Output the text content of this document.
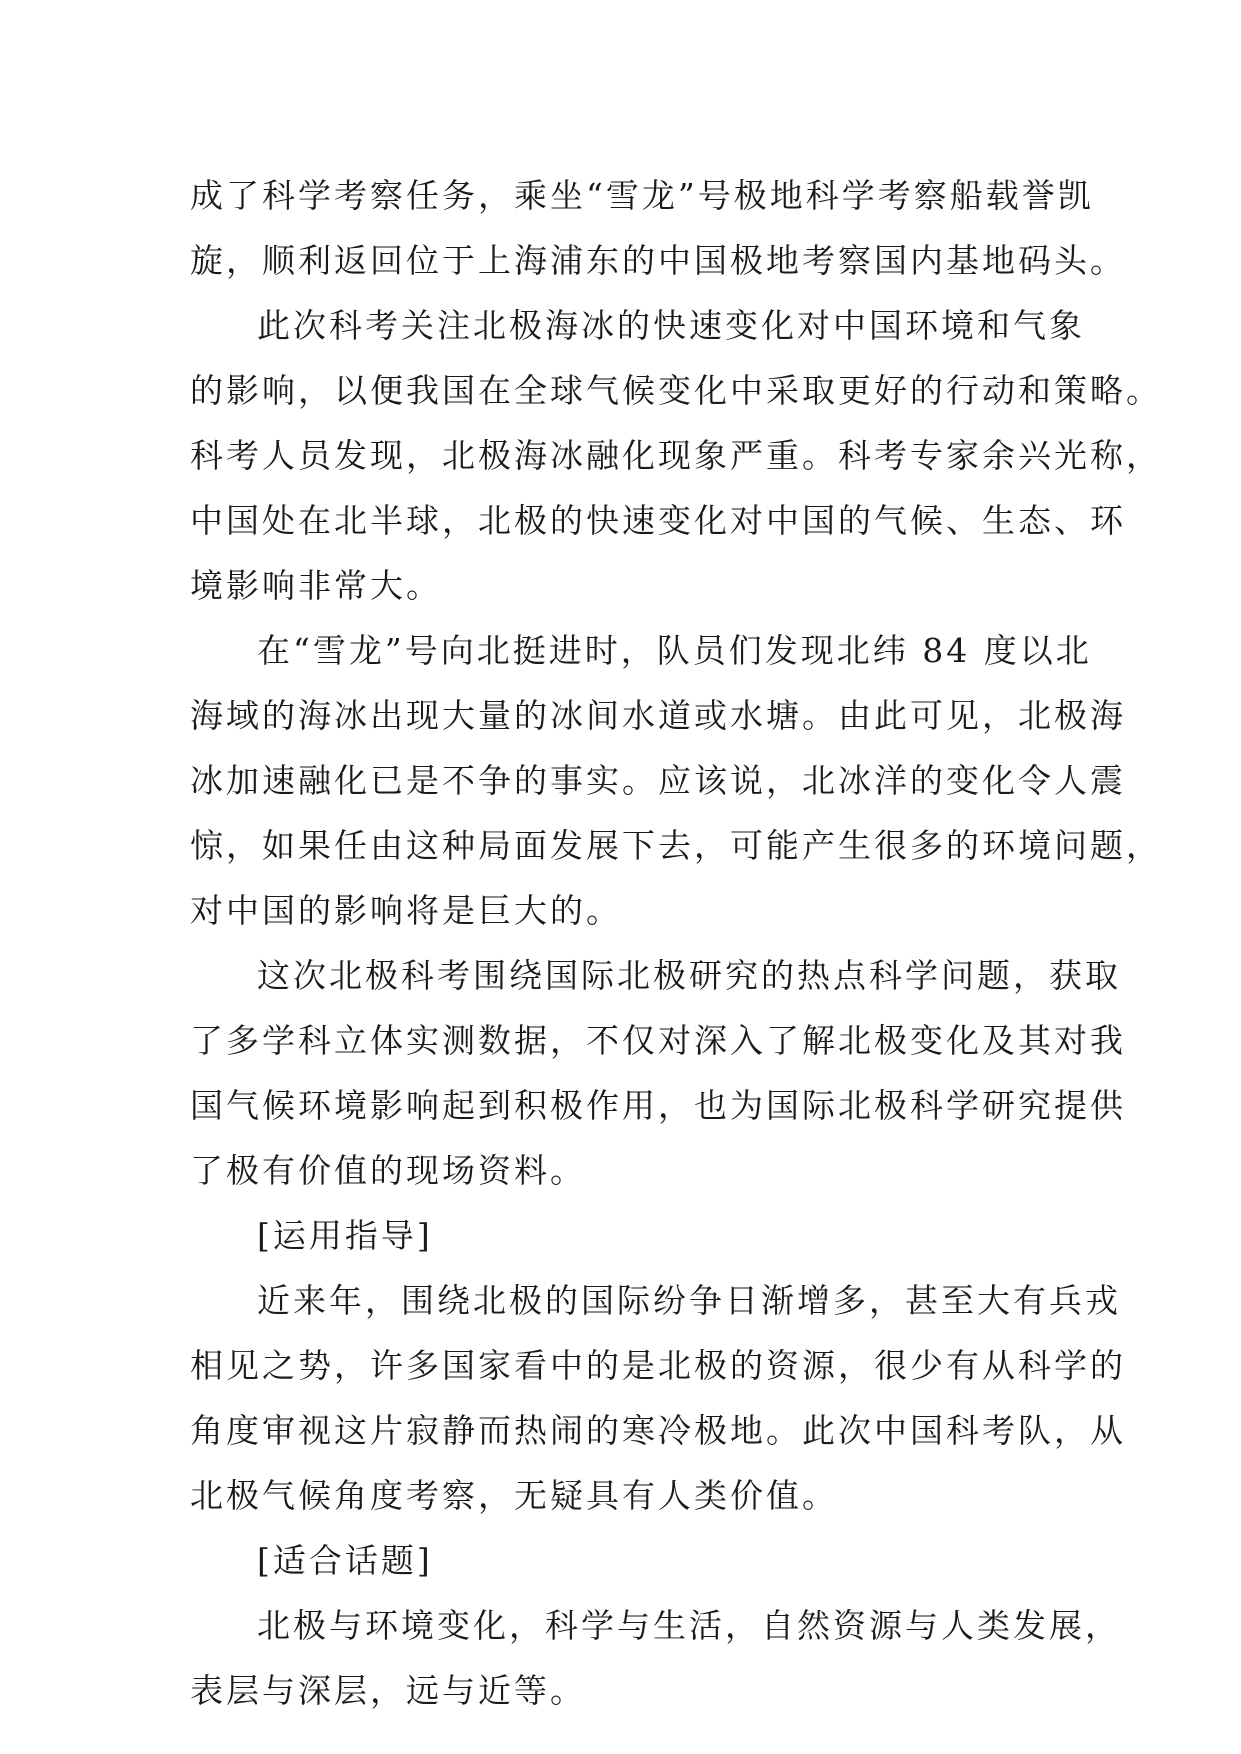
成了科学考察任务，乘坐“雪龙”号极地科学考察船载誉凯
旋，顺利返回位于上海浦东的中国极地考察国内基地码头。
此次科考关注北极海冰的快速变化对中国环境和气象
的影响，以便我国在全球气候变化中采取更好的行动和策略。
科考人员发现，北极海冰融化现象严重。科考专家余兴光称，
中国处在北半球，北极的快速变化对中国的气候、生态、环
境影响非常大。
在“雪龙”号向北挺进时，队员们发现北纬 84 度以北
海域的海冰出现大量的冰间水道或水塘。由此可见，北极海
冰加速融化已是不争的事实。应该说，北冰洋的变化令人震
惊，如果任由这种局面发展下去，可能产生很多的环境问题，
对中国的影响将是巨大的。
这次北极科考围绕国际北极研究的热点科学问题，获取
了多学科立体实测数据，不仅对深入了解北极变化及其对我
国气候环境影响起到积极作用，也为国际北极科学研究提供
了极有价值的现场资料。
[运用指导]
近来年，围绕北极的国际纷争日渐增多，甚至大有兵戎
相见之势，许多国家看中的是北极的资源，很少有从科学的
角度审视这片寂静而热闹的寒冷极地。此次中国科考队，从
北极气候角度考察，无疑具有人类价值。
[适合话题]
北极与环境变化，科学与生活，自然资源与人类发展，
表层与深层，远与近等。
